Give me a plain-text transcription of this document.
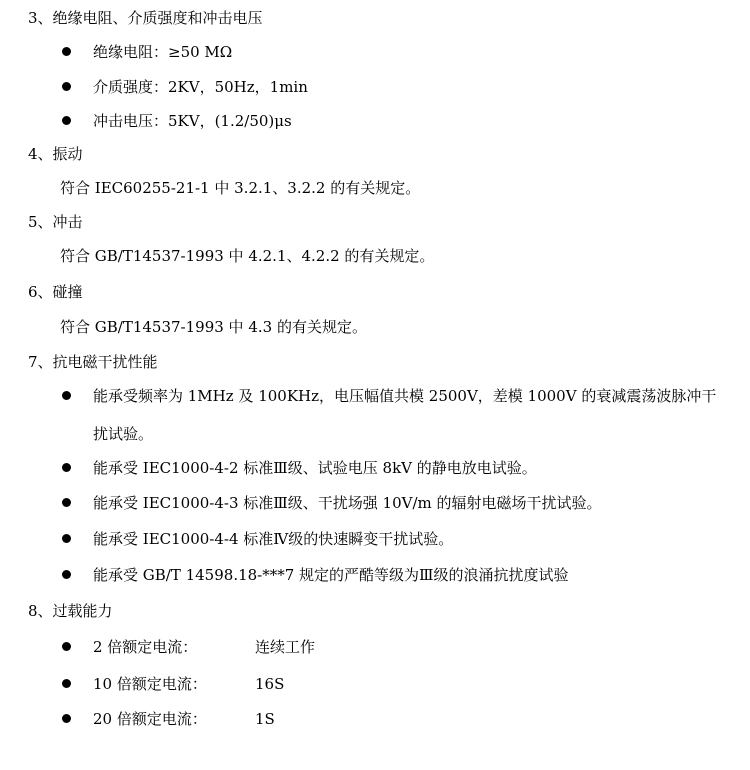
3、绝缘电阻、介质强度和冲击电压
绝缘电阻：≥50 MΩ
介质强度：2KV，50Hz，1min
冲击电压：5KV，(1.2/50)μs
4、振动
符合 IEC60255-21-1 中 3.2.1、3.2.2 的有关规定。
5、冲击
符合 GB/T14537-1993 中 4.2.1、4.2.2 的有关规定。
6、碰撞
符合 GB/T14537-1993 中 4.3 的有关规定。
7、抗电磁干扰性能
能承受频率为 1MHz 及 100KHz，电压幅值共模 2500V，差模 1000V 的衰减震荡波脉冲干
扰试验。
能承受 IEC1000-4-2 标准Ⅲ级、试验电压 8kV 的静电放电试验。
能承受 IEC1000-4-3 标准Ⅲ级、干扰场强 10V/m 的辐射电磁场干扰试验。
能承受 IEC1000-4-4 标准Ⅳ级的快速瞬变干扰试验。
能承受 GB/T 14598.18-***7 规定的严酷等级为Ⅲ级的浪涌抗扰度试验
8、过载能力
2 倍额定电流：	连续工作
10 倍额定电流：	16S
20 倍额定电流：	1S
